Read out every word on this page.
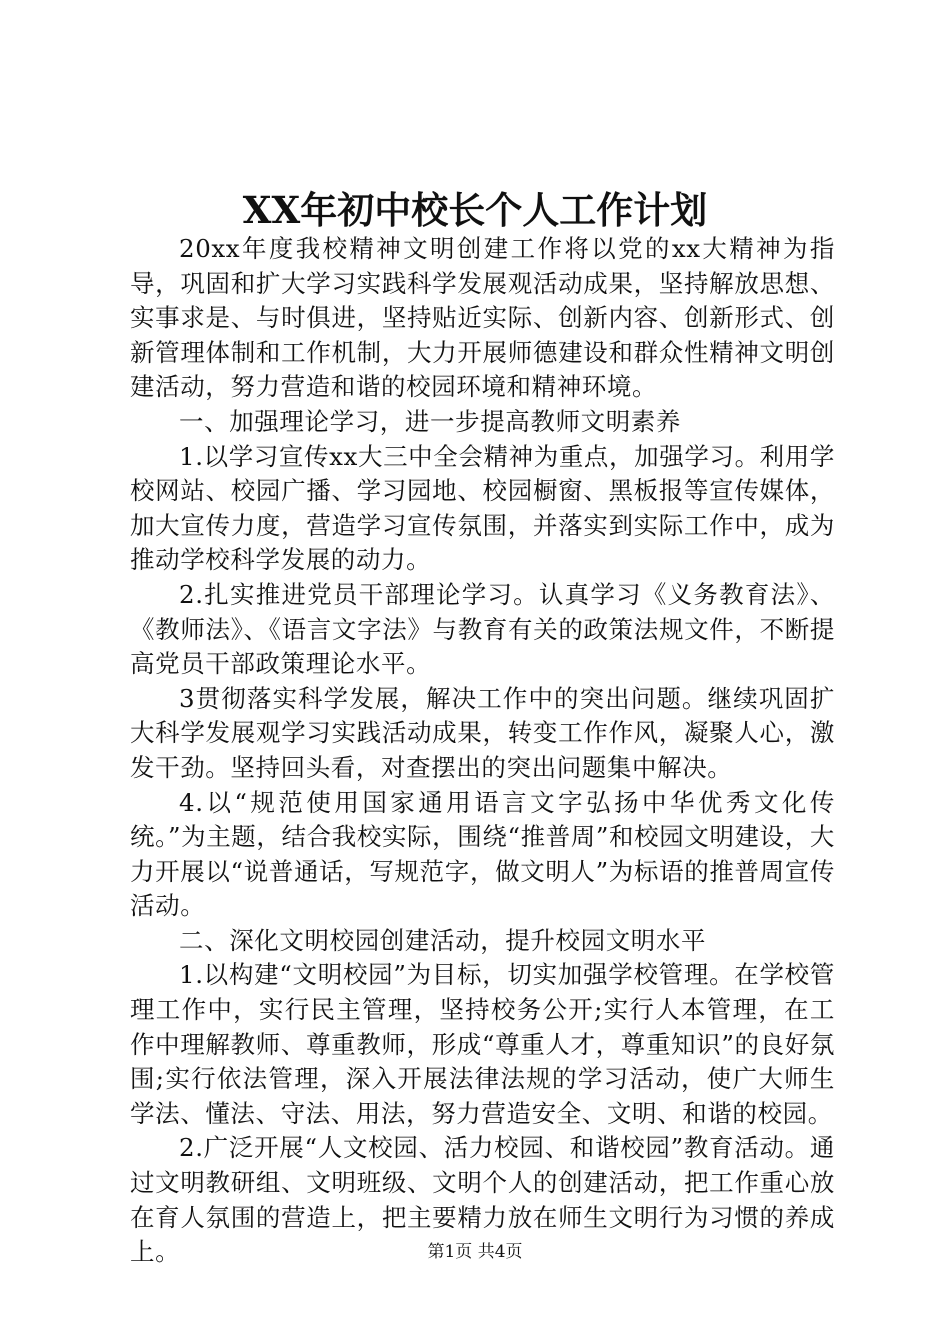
XX年初中校长个人工作计划

20xx年度我校精神文明创建工作将以党的xx大精神为指导，巩固和扩大学习实践科学发展观活动成果，坚持解放思想、实事求是、与时俱进，坚持贴近实际、创新内容、创新形式、创新管理体制和工作机制，大力开展师德建设和群众性精神文明创建活动，努力营造和谐的校园环境和精神环境。

一、加强理论学习，进一步提高教师文明素养

1.以学习宣传xx大三中全会精神为重点，加强学习。利用学校网站、校园广播、学习园地、校园橱窗、黑板报等宣传媒体，加大宣传力度，营造学习宣传氛围，并落实到实际工作中，成为推动学校科学发展的动力。

2.扎实推进党员干部理论学习。认真学习《义务教育法》、《教师法》、《语言文字法》与教育有关的政策法规文件，不断提高党员干部政策理论水平。

3贯彻落实科学发展，解决工作中的突出问题。继续巩固扩大科学发展观学习实践活动成果，转变工作作风，凝聚人心，激发干劲。坚持回头看，对查摆出的突出问题集中解决。

4.以“规范使用国家通用语言文字弘扬中华优秀文化传统。”为主题，结合我校实际，围绕“推普周”和校园文明建设，大力开展以“说普通话，写规范字，做文明人”为标语的推普周宣传活动。

二、深化文明校园创建活动，提升校园文明水平

1.以构建“文明校园”为目标，切实加强学校管理。在学校管理工作中，实行民主管理，坚持校务公开;实行人本管理，在工作中理解教师、尊重教师，形成“尊重人才，尊重知识”的良好氛围;实行依法管理，深入开展法律法规的学习活动，使广大师生学法、懂法、守法、用法，努力营造安全、文明、和谐的校园。

2.广泛开展“人文校园、活力校园、和谐校园”教育活动。通过文明教研组、文明班级、文明个人的创建活动，把工作重心放在育人氛围的营造上，把主要精力放在师生文明行为习惯的养成上。	第1页 共4页
